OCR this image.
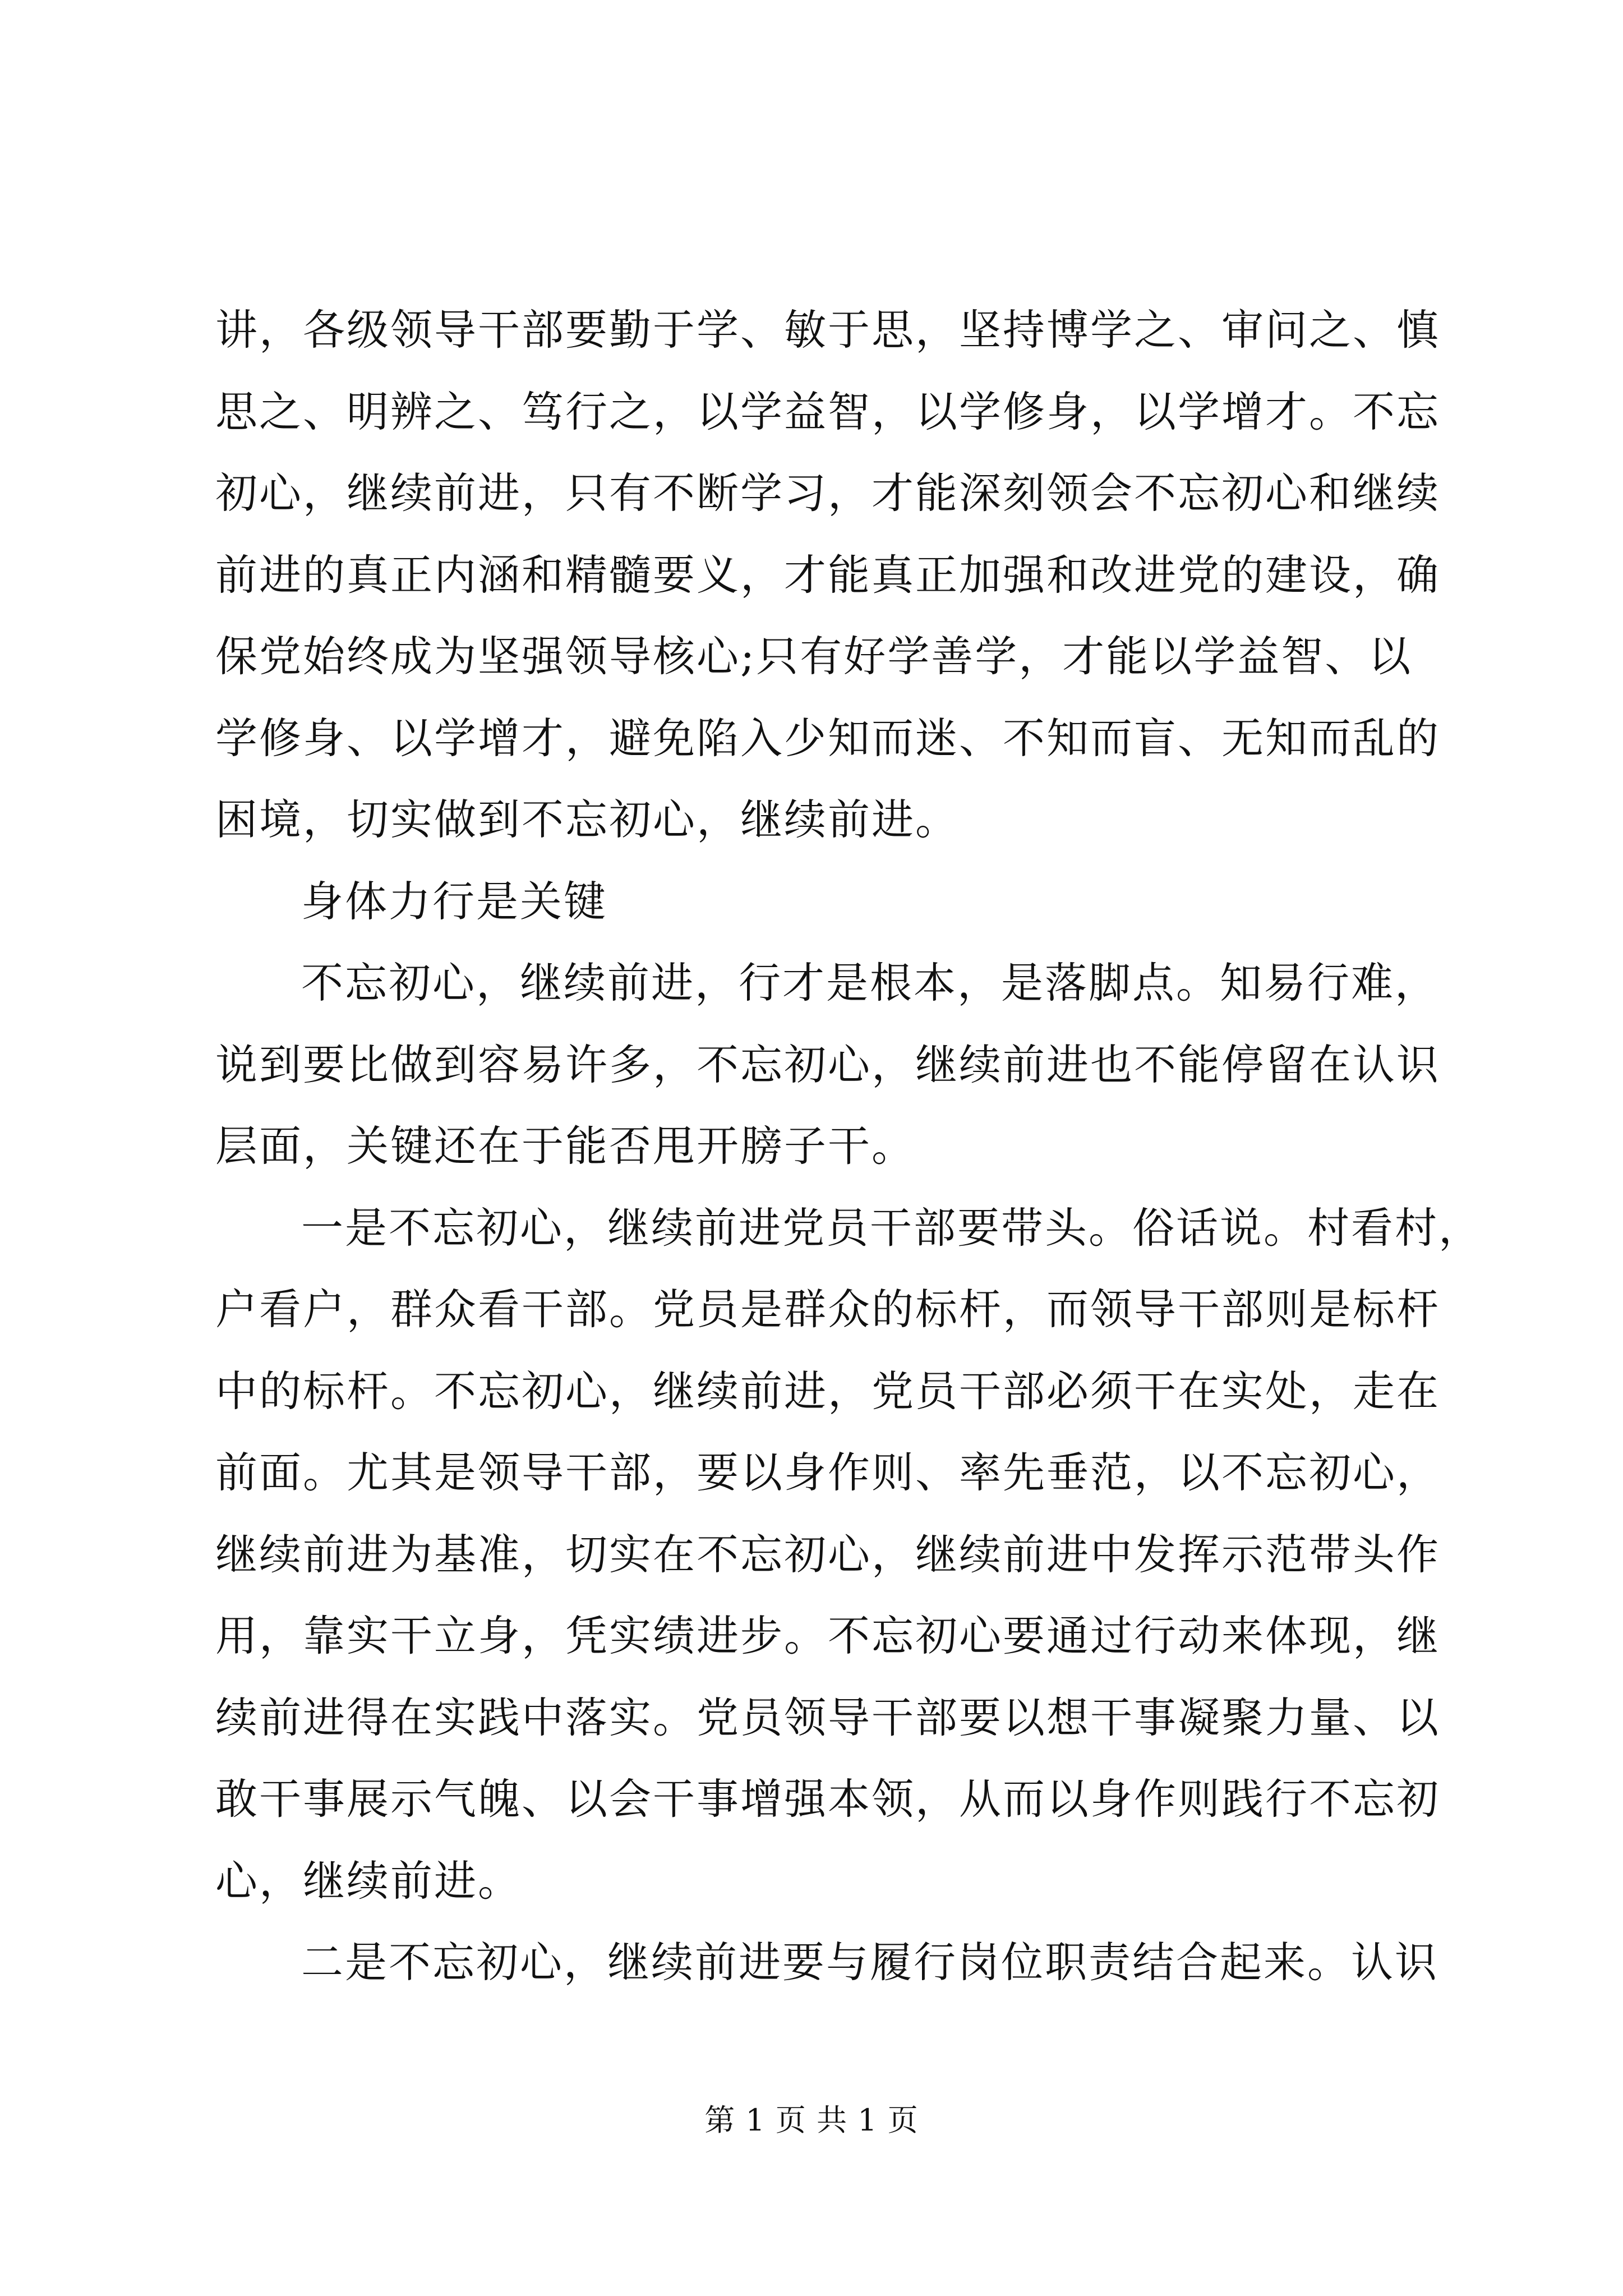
讲，各级领导干部要勤于学、敏于思，坚持博学之、审问之、慎
思之、明辨之、笃行之，以学益智，以学修身，以学增才。不忘
初心，继续前进，只有不断学习，才能深刻领会不忘初心和继续
前进的真正内涵和精髓要义，才能真正加强和改进党的建设，确
保党始终成为坚强领导核心;只有好学善学，才能以学益智、以
学修身、以学增才，避免陷入少知而迷、不知而盲、无知而乱的
困境，切实做到不忘初心，继续前进。
身体力行是关键
不忘初心，继续前进，行才是根本，是落脚点。知易行难，
说到要比做到容易许多，不忘初心，继续前进也不能停留在认识
层面，关键还在于能否甩开膀子干。
一是不忘初心，继续前进党员干部要带头。俗话说。村看村，
户看户，群众看干部。党员是群众的标杆，而领导干部则是标杆
中的标杆。不忘初心，继续前进，党员干部必须干在实处，走在
前面。尤其是领导干部，要以身作则、率先垂范，以不忘初心，
继续前进为基准，切实在不忘初心，继续前进中发挥示范带头作
用，靠实干立身，凭实绩进步。不忘初心要通过行动来体现，继
续前进得在实践中落实。党员领导干部要以想干事凝聚力量、以
敢干事展示气魄、以会干事增强本领，从而以身作则践行不忘初
心，继续前进。
二是不忘初心，继续前进要与履行岗位职责结合起来。认识
第 1 页 共 1 页
